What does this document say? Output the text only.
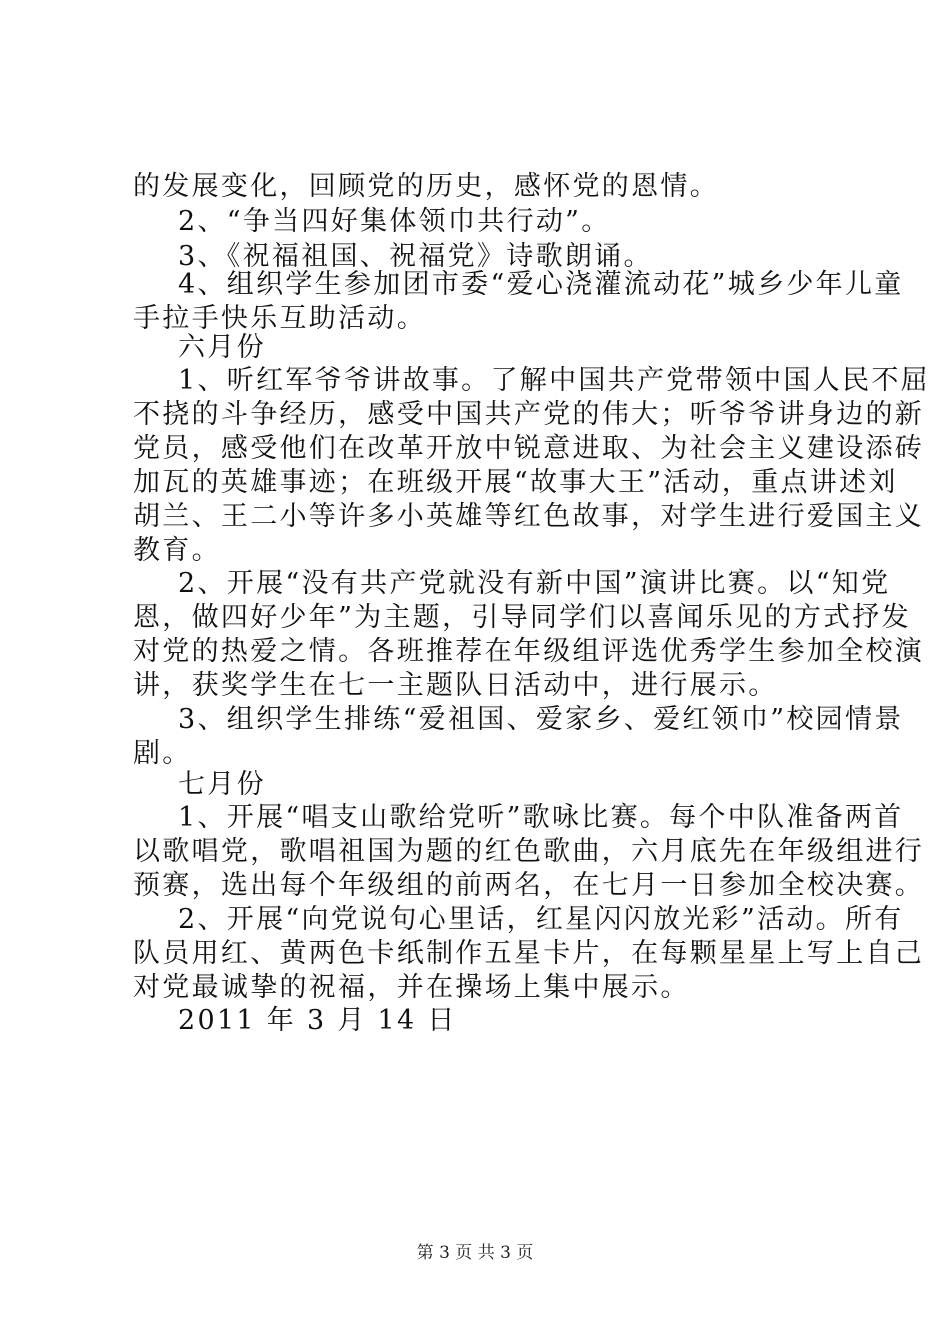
的发展变化，回顾党的历史，感怀党的恩情。
2、“争当四好集体领巾共行动”。
3、《祝福祖国、祝福党》诗歌朗诵。
4、组织学生参加团市委“爱心浇灌流动花”城乡少年儿童
手拉手快乐互助活动。
六月份
1、听红军爷爷讲故事。了解中国共产党带领中国人民不屈
不挠的斗争经历，感受中国共产党的伟大；听爷爷讲身边的新
党员，感受他们在改革开放中锐意进取、为社会主义建设添砖
加瓦的英雄事迹；在班级开展“故事大王”活动，重点讲述刘
胡兰、王二小等许多小英雄等红色故事，对学生进行爱国主义
教育。
2、开展“没有共产党就没有新中国”演讲比赛。以“知党
恩，做四好少年”为主题，引导同学们以喜闻乐见的方式抒发
对党的热爱之情。各班推荐在年级组评选优秀学生参加全校演
讲，获奖学生在七一主题队日活动中，进行展示。
3、组织学生排练“爱祖国、爱家乡、爱红领巾”校园情景
剧。
七月份
1、开展“唱支山歌给党听”歌咏比赛。每个中队准备两首
以歌唱党，歌唱祖国为题的红色歌曲，六月底先在年级组进行
预赛，选出每个年级组的前两名，在七月一日参加全校决赛。
2、开展“向党说句心里话，红星闪闪放光彩”活动。所有
队员用红、黄两色卡纸制作五星卡片，在每颗星星上写上自己
对党最诚挚的祝福，并在操场上集中展示。
2011 年 3 月 14 日
第 3 页 共 3 页
